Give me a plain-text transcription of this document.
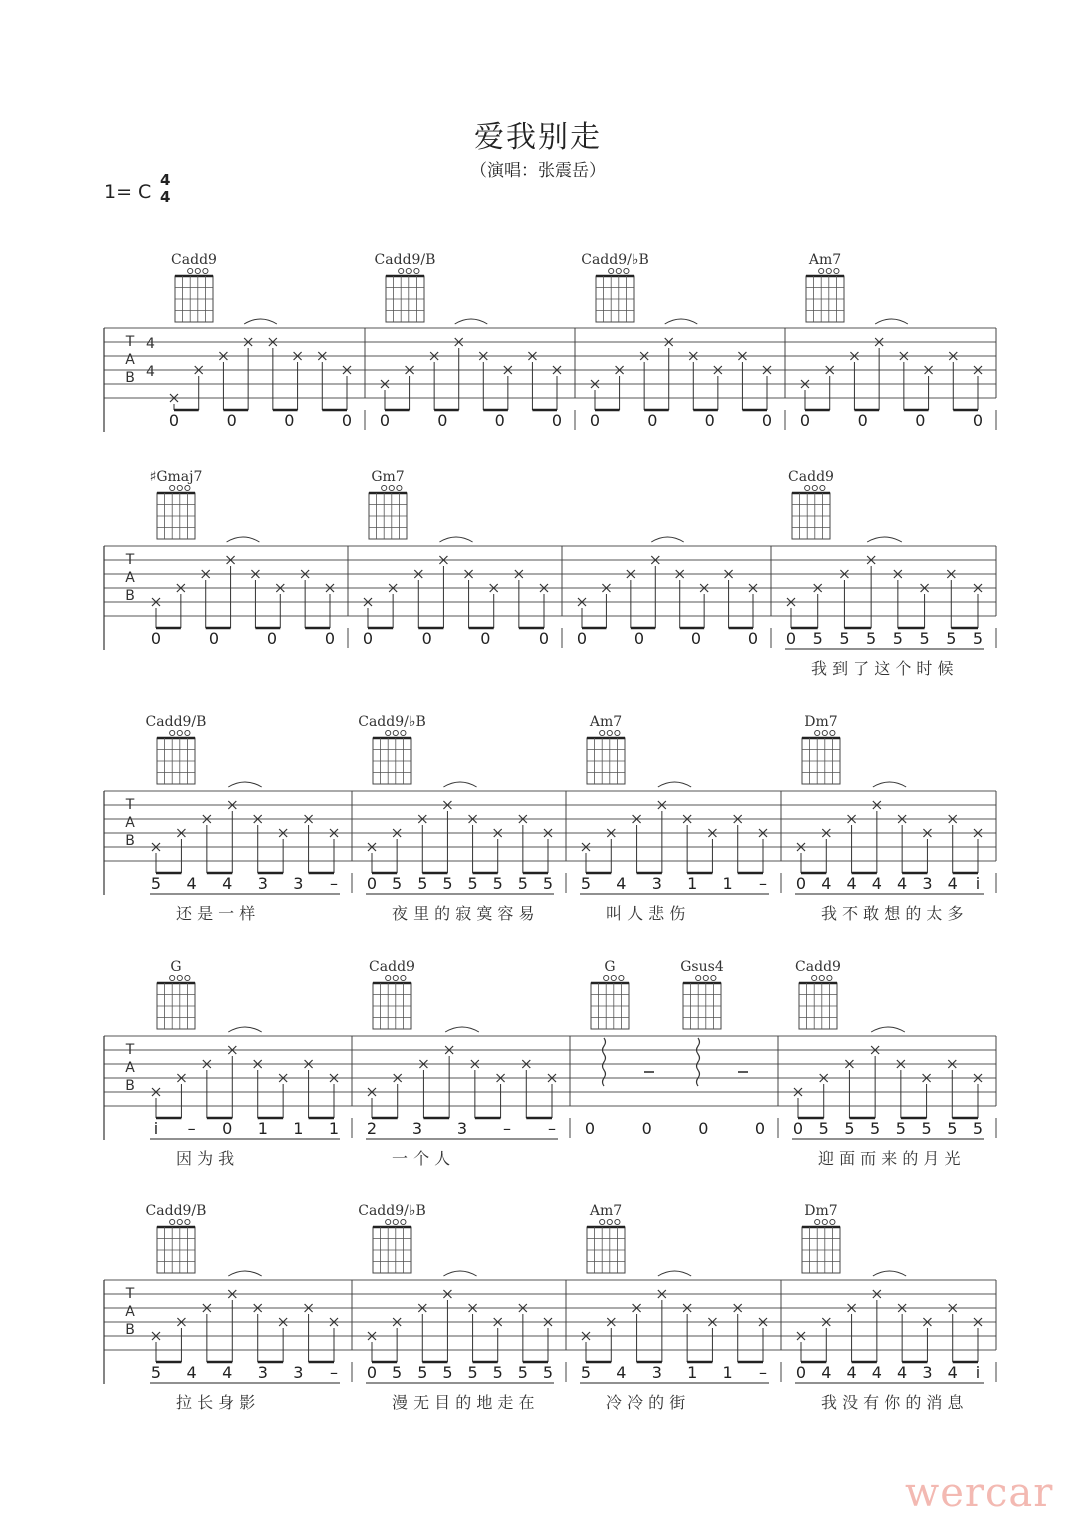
爱我别走
（演唱：张震岳）
1= C
4
4
T
A
B
4
4
Cadd9
0	0	0	0
Cadd9/B
0	0	0	0
Cadd9/♭B
0	0	0	0
Am7
0	0	0	0
T
A
B
♯Gmaj7
0	0	0	0
Gm7
0	0	0	0 0	0	0	0
Cadd9
0 5 5 5 5 5 5 5
我 到 了 这 个 时 候
T
A
B
Cadd9/B
5 4 4 3 3 –
还 是 一 样
Cadd9/♭B
0 5 5 5 5 5 5 5
夜 里 的 寂 寞 容 易
Am7
5 4 3 1 1 –
叫 人 悲 伤
Dm7
0 4 4 4 4 3 4 i
我 不 敢 想 的 太 多
T
A
B
G
i – 0 1 1 1
因 为 我
Cadd9
2 3 3 – –
一 个 人
G	Gsus4
0	0	0	0
Cadd9
0 5 5 5 5 5 5 5
迎 面 而 来 的 月 光
T
A
B
Cadd9/B
5 4 4 3 3 –
拉 长 身 影
Cadd9/♭B
0 5 5 5 5 5 5 5
漫 无 目 的 地 走 在
Am7
5 4 3 1 1 –
冷 冷 的 街
Dm7
0 4 4 4 4 3 4 i
我 没 有 你 的 消 息
wercar
